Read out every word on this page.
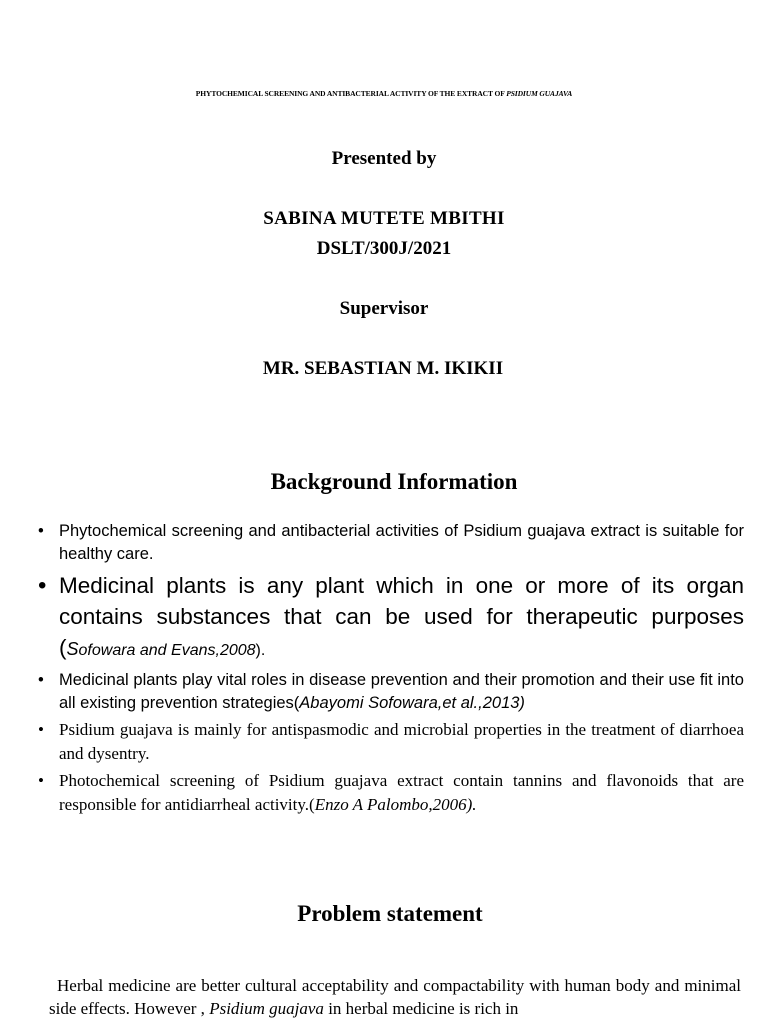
PHYTOCHEMICAL SCREENING AND ANTIBACTERIAL ACTIVITY OF THE EXTRACT OF PSIDIUM GUAJAVA
Presented by
SABINA MUTETE MBITHI
DSLT/300J/2021
Supervisor
MR. SEBASTIAN M. IKIKII
Background Information
• Phytochemical screening and antibacterial activities of Psidium guajava extract is suitable for healthy care.
• Medicinal plants is any plant which in one or more of its organ contains substances that can be used for therapeutic purposes (Sofowara and Evans,2008).
• Medicinal plants play vital roles in disease prevention and their promotion and their use fit into all existing prevention strategies(Abayomi Sofowara,et al.,2013)
• Psidium guajava is mainly for antispasmodic and microbial properties in the treatment of diarrhoea and dysentry.
• Photochemical screening of Psidium guajava extract contain tannins and flavonoids that are responsible for antidiarrheal activity.(Enzo A Palombo,2006).
Problem statement
Herbal medicine are better cultural acceptability and compactability with human body and minimal side effects. However , Psidium guajava in herbal medicine is rich in
